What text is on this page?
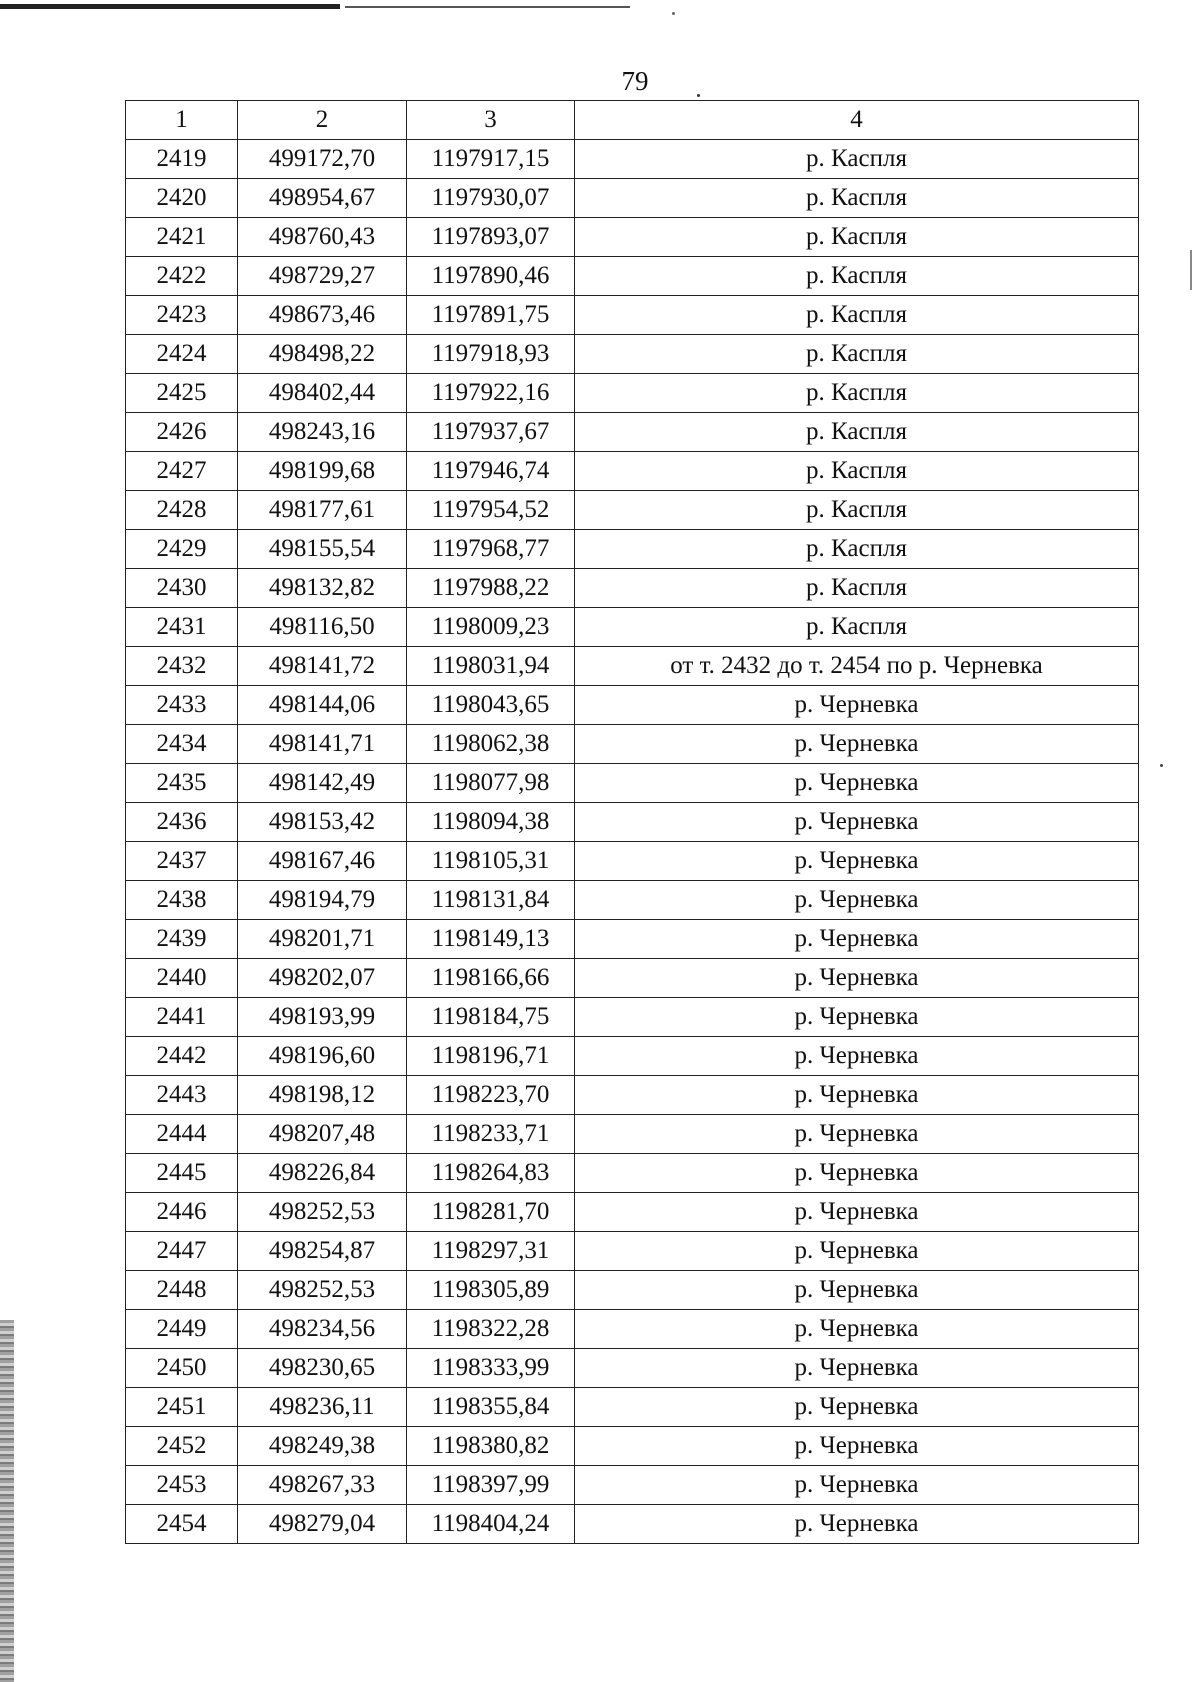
79
1	2	3	4
2419	499172,70	1197917,15	р. Каспля
2420	498954,67	1197930,07	р. Каспля
2421	498760,43	1197893,07	р. Каспля
2422	498729,27	1197890,46	р. Каспля
2423	498673,46	1197891,75	р. Каспля
2424	498498,22	1197918,93	р. Каспля
2425	498402,44	1197922,16	р. Каспля
2426	498243,16	1197937,67	р. Каспля
2427	498199,68	1197946,74	р. Каспля
2428	498177,61	1197954,52	р. Каспля
2429	498155,54	1197968,77	р. Каспля
2430	498132,82	1197988,22	р. Каспля
2431	498116,50	1198009,23	р. Каспля
2432	498141,72	1198031,94	от т. 2432 до т. 2454 по р. Черневка
2433	498144,06	1198043,65	р. Черневка
2434	498141,71	1198062,38	р. Черневка
2435	498142,49	1198077,98	р. Черневка
2436	498153,42	1198094,38	р. Черневка
2437	498167,46	1198105,31	р. Черневка
2438	498194,79	1198131,84	р. Черневка
2439	498201,71	1198149,13	р. Черневка
2440	498202,07	1198166,66	р. Черневка
2441	498193,99	1198184,75	р. Черневка
2442	498196,60	1198196,71	р. Черневка
2443	498198,12	1198223,70	р. Черневка
2444	498207,48	1198233,71	р. Черневка
2445	498226,84	1198264,83	р. Черневка
2446	498252,53	1198281,70	р. Черневка
2447	498254,87	1198297,31	р. Черневка
2448	498252,53	1198305,89	р. Черневка
2449	498234,56	1198322,28	р. Черневка
2450	498230,65	1198333,99	р. Черневка
2451	498236,11	1198355,84	р. Черневка
2452	498249,38	1198380,82	р. Черневка
2453	498267,33	1198397,99	р. Черневка
2454	498279,04	1198404,24	р. Черневка
